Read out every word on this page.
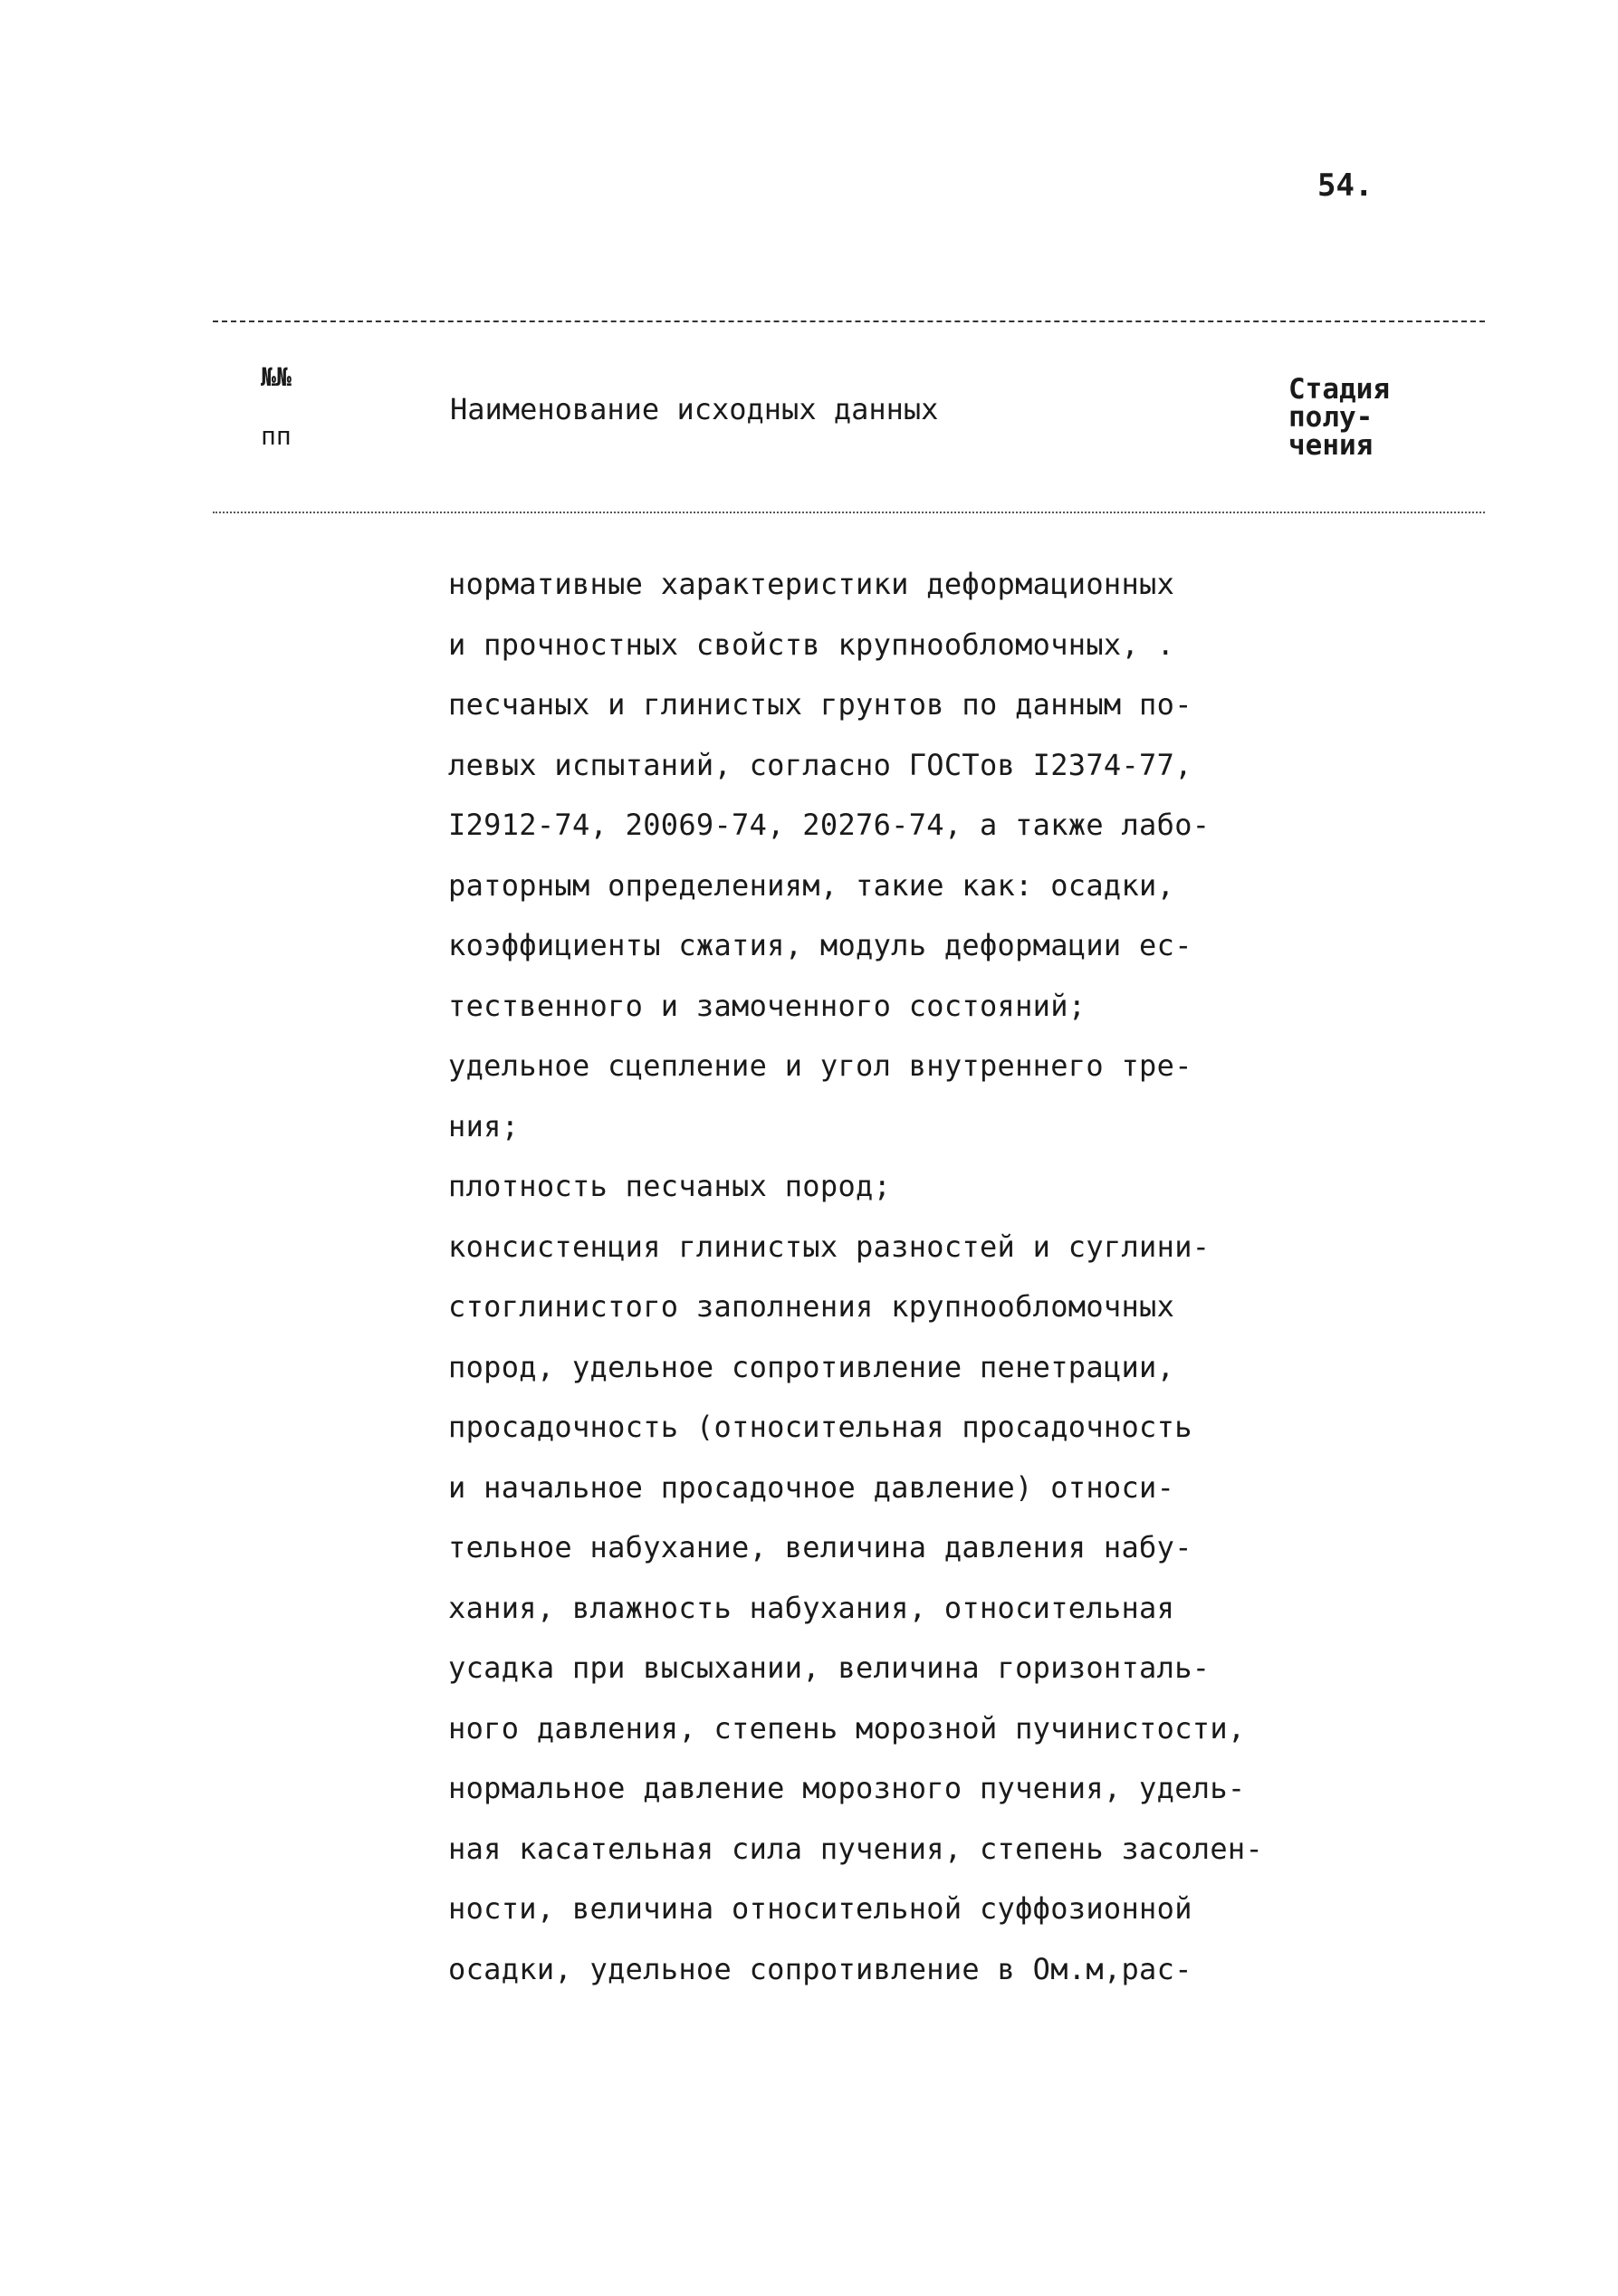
54.
№№
пп
Наименование исходных данных
Стадия
полу-
чения
нормативные характеристики деформационных
и прочностных свойств крупнообломочных, .
песчаных и глинистых грунтов по данным по-
левых испытаний, согласно ГОСТов I2374-77,
I2912-74, 20069-74, 20276-74, а также лабо-
раторным определениям, такие как: осадки,
коэффициенты сжатия, модуль деформации ес-
тественного и замоченного состояний;
удельное сцепление и угол внутреннего тре-
ния;
плотность песчаных пород;
консистенция глинистых разностей и суглини-
стоглинистого заполнения крупнообломочных
пород, удельное сопротивление пенетрации,
просадочность (относительная просадочность
и начальное просадочное давление) относи-
тельное набухание, величина давления набу-
хания, влажность набухания, относительная
усадка при высыхании, величина горизонталь-
ного давления, степень морозной пучинистости,
нормальное давление морозного пучения, удель-
ная касательная сила пучения, степень засолен-
ности, величина относительной суффозионной
осадки, удельное сопротивление в Ом.м,рас-
